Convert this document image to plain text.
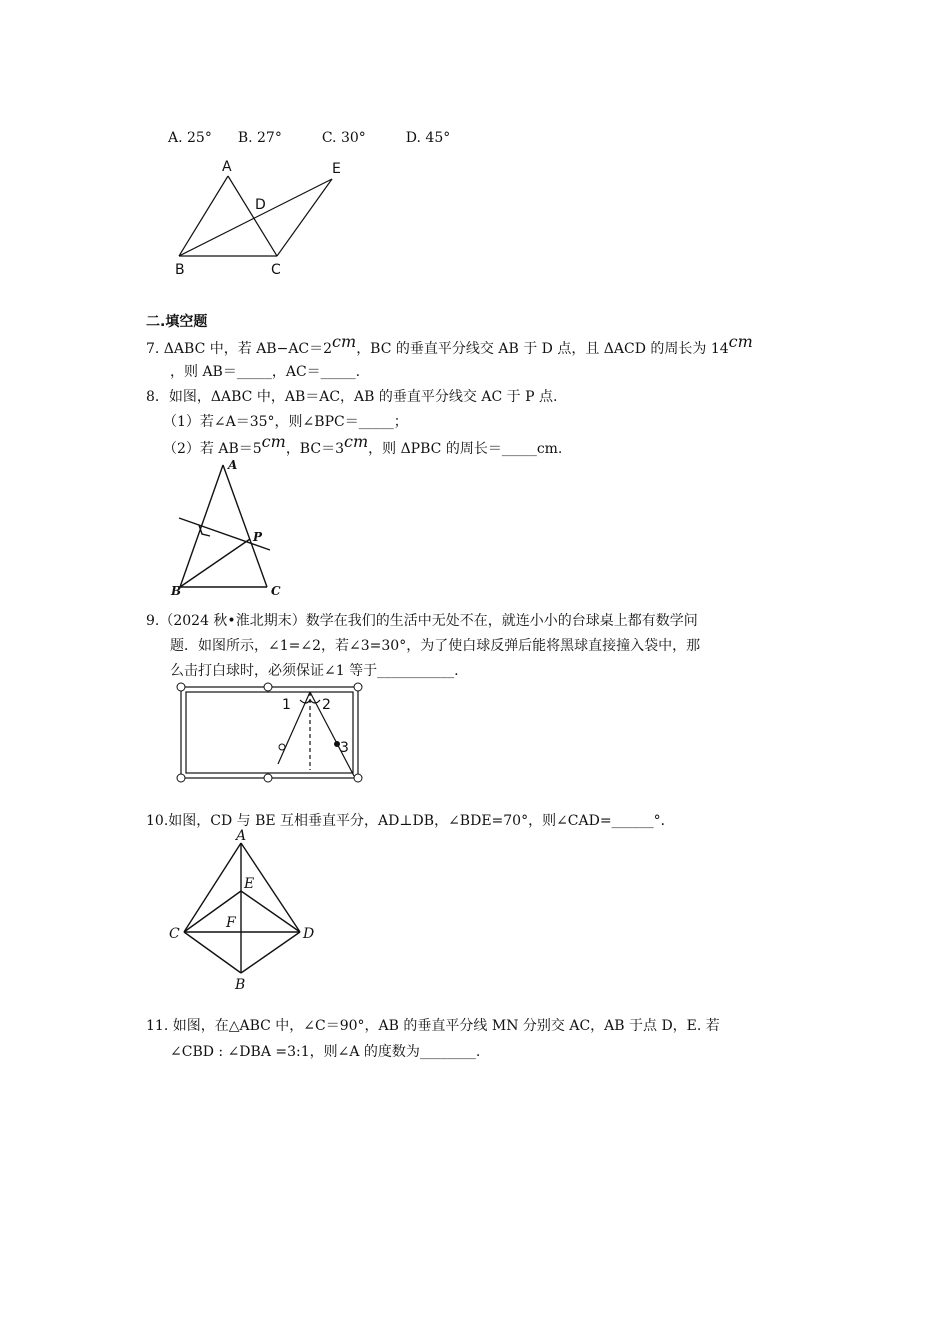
A. 25° B. 27°	C. 30°	D. 45°
A	E
D
B	C
二.填空题
7. ΔABC 中，若 AB−AC＝2cm，BC 的垂直平分线交 AB 于 D 点，且 ΔACD 的周长为 14cm
，则 AB＝_____，AC＝_____.
8．如图，ΔABC 中，AB＝AC，AB 的垂直平分线交 AC 于 P 点.
（1）若∠A＝35°，则∠BPC＝_____；
（2）若 AB＝5cm，BC＝3cm，则 ΔPBC 的周长＝_____cm.
A
P
B	C
9.（2024 秋•淮北期末）数学在我们的生活中无处不在，就连小小的台球桌上都有数学问
题．如图所示，∠1=∠2，若∠3=30°，为了使白球反弹后能将黑球直接撞入袋中，那
么击打白球时，必须保证∠1 等于___________.
1 2
3
10.如图，CD 与 BE 互相垂直平分，AD⊥DB，∠BDE=70°，则∠CAD=______°．
A
E
F
C	D
B
11. 如图，在△ABC 中，∠C＝90°，AB 的垂直平分线 MN 分别交 AC，AB 于点 D，E. 若
∠CBD : ∠DBA =3:1，则∠A 的度数为________.
